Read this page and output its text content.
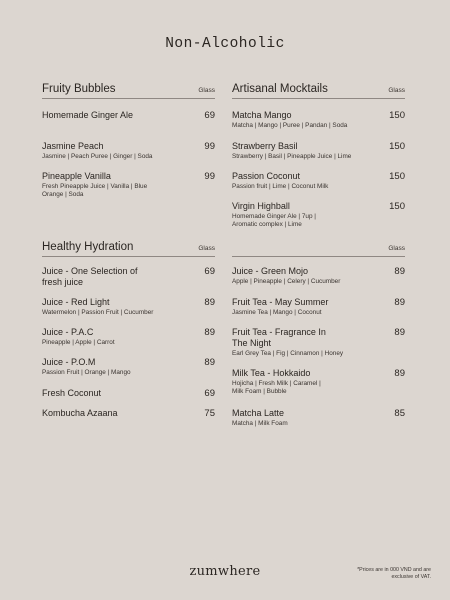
Non-Alcoholic
Fruity Bubbles	Glass
Homemade Ginger Ale	69
Jasmine Peach	99
Jasmine | Peach Puree | Ginger | Soda
Pineapple Vanilla	99
Fresh Pineapple Juice | Vanilla | Blue Orange | Soda
Healthy Hydration	Glass
Juice - One Selection of fresh juice
69
Juice - Red Light	89
Watermelon | Passion Fruit | Cucumber
Juice - P.A.C	89
Pineapple | Apple | Carrot
Juice - P.O.M	89
Passion Fruit | Orange | Mango
Fresh Coconut	69
Kombucha Azaana	75
Artisanal Mocktails	Glass
Matcha Mango	150
Matcha | Mango | Puree | Pandan | Soda
Strawberry Basil	150
Strawberry | Basil | Pineapple Juice | Lime
Passion Coconut	150
Passion fruit | Lime | Coconut Milk
Virgin Highball	150
Homemade Ginger Ale | 7up | Aromatic complex | Lime
Glass
Juice - Green Mojo	89
Apple | Pineapple | Celery | Cucumber
Fruit Tea - May Summer	89
Jasmine Tea | Mango | Coconut
Fruit Tea - Fragrance In The Night
89
Earl Grey Tea | Fig | Cinnamon | Honey
Milk Tea - Hokkaido	89
Hojicha | Fresh Milk | Caramel | Milk Foam | Bubble
Matcha Latte	85
Matcha | Milk Foam
zumwhere	*Prices are in 000 VND and are exclusive of VAT.
